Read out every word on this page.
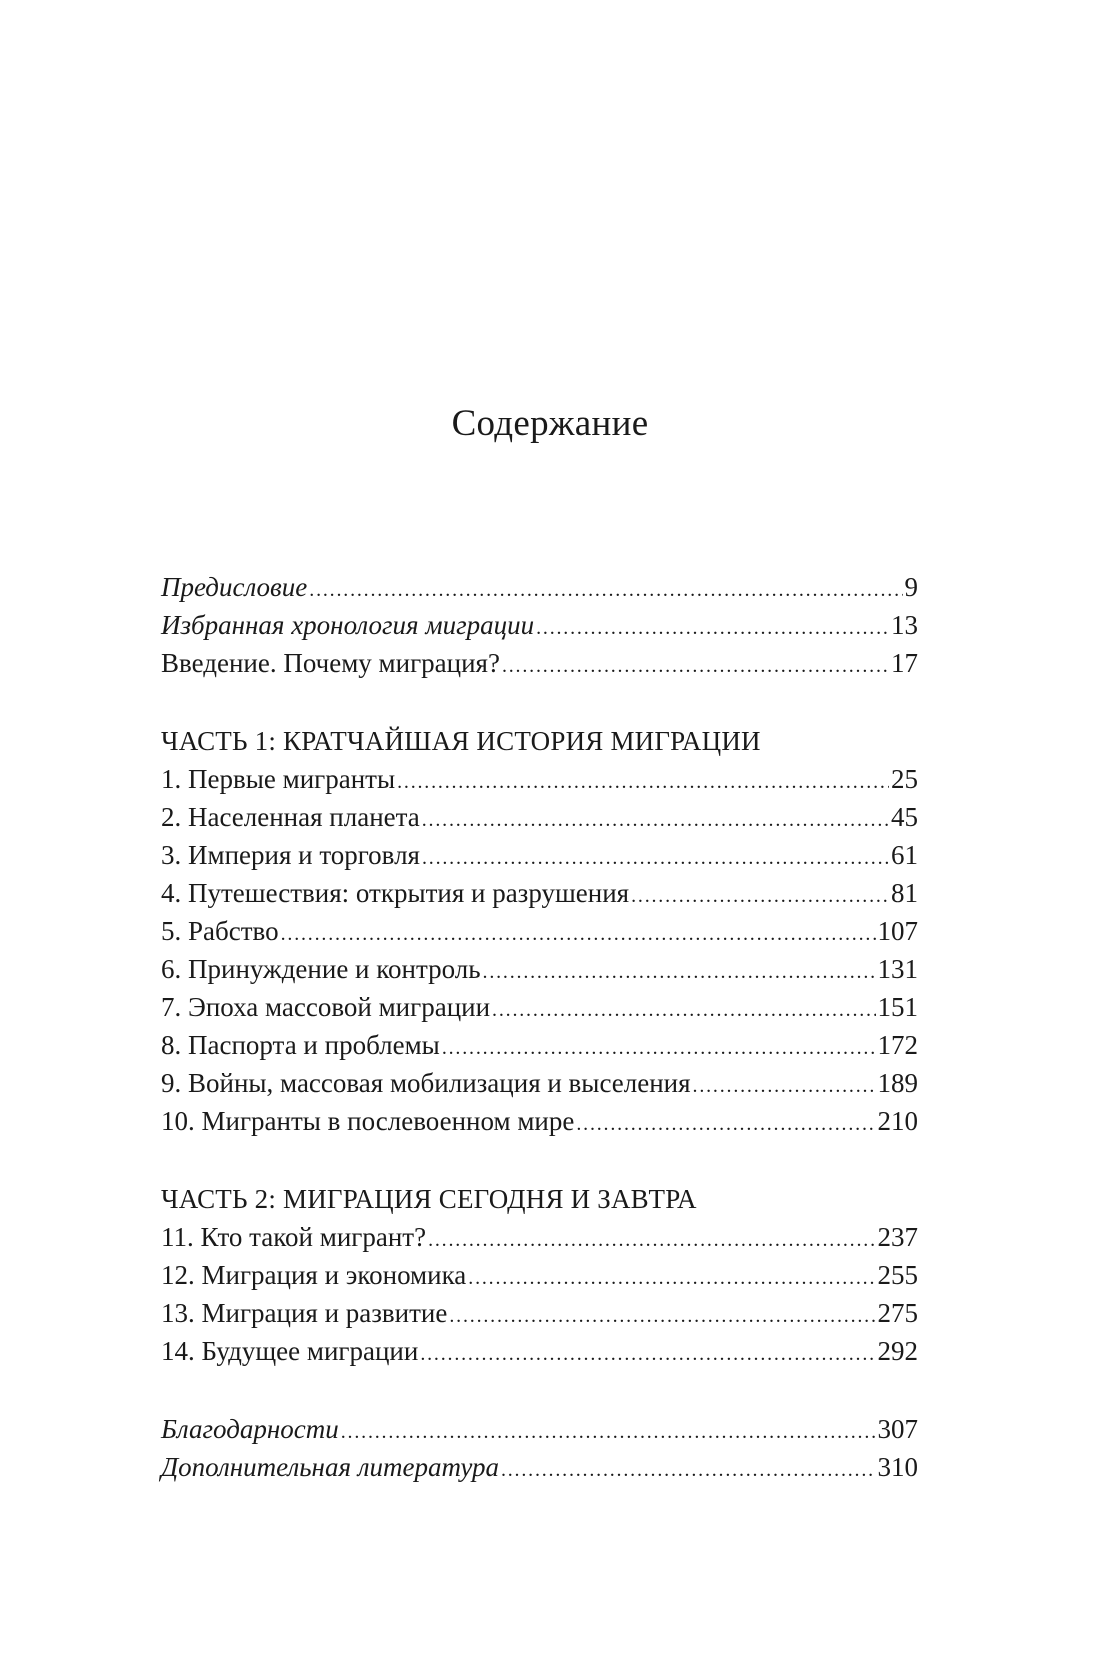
Содержание
Предисловие . . .	9
Избранная хронология миграции . . .	13
Введение. Почему миграция? . . .	17
ЧАСТЬ 1: КРАТЧАЙШАЯ ИСТОРИЯ МИГРАЦИИ
1. Первые мигранты . . .	25
2. Населенная планета . . .	45
3. Империя и торговля . . .	61
4. Путешествия: открытия и разрушения . . .	81
5. Рабство . . .	107
6. Принуждение и контроль . . .	131
7. Эпоха массовой миграции . . .	151
8. Паспорта и проблемы . . .	172
9. Войны, массовая мобилизация и выселения . . .	189
10. Мигранты в послевоенном мире . . .	210
ЧАСТЬ 2: МИГРАЦИЯ СЕГОДНЯ И ЗАВТРА
11. Кто такой мигрант? . . .	237
12. Миграция и экономика . . .	255
13. Миграция и развитие . . .	275
14. Будущее миграции . . .	292
Благодарности . . .	307
Дополнительная литература . . .	310
